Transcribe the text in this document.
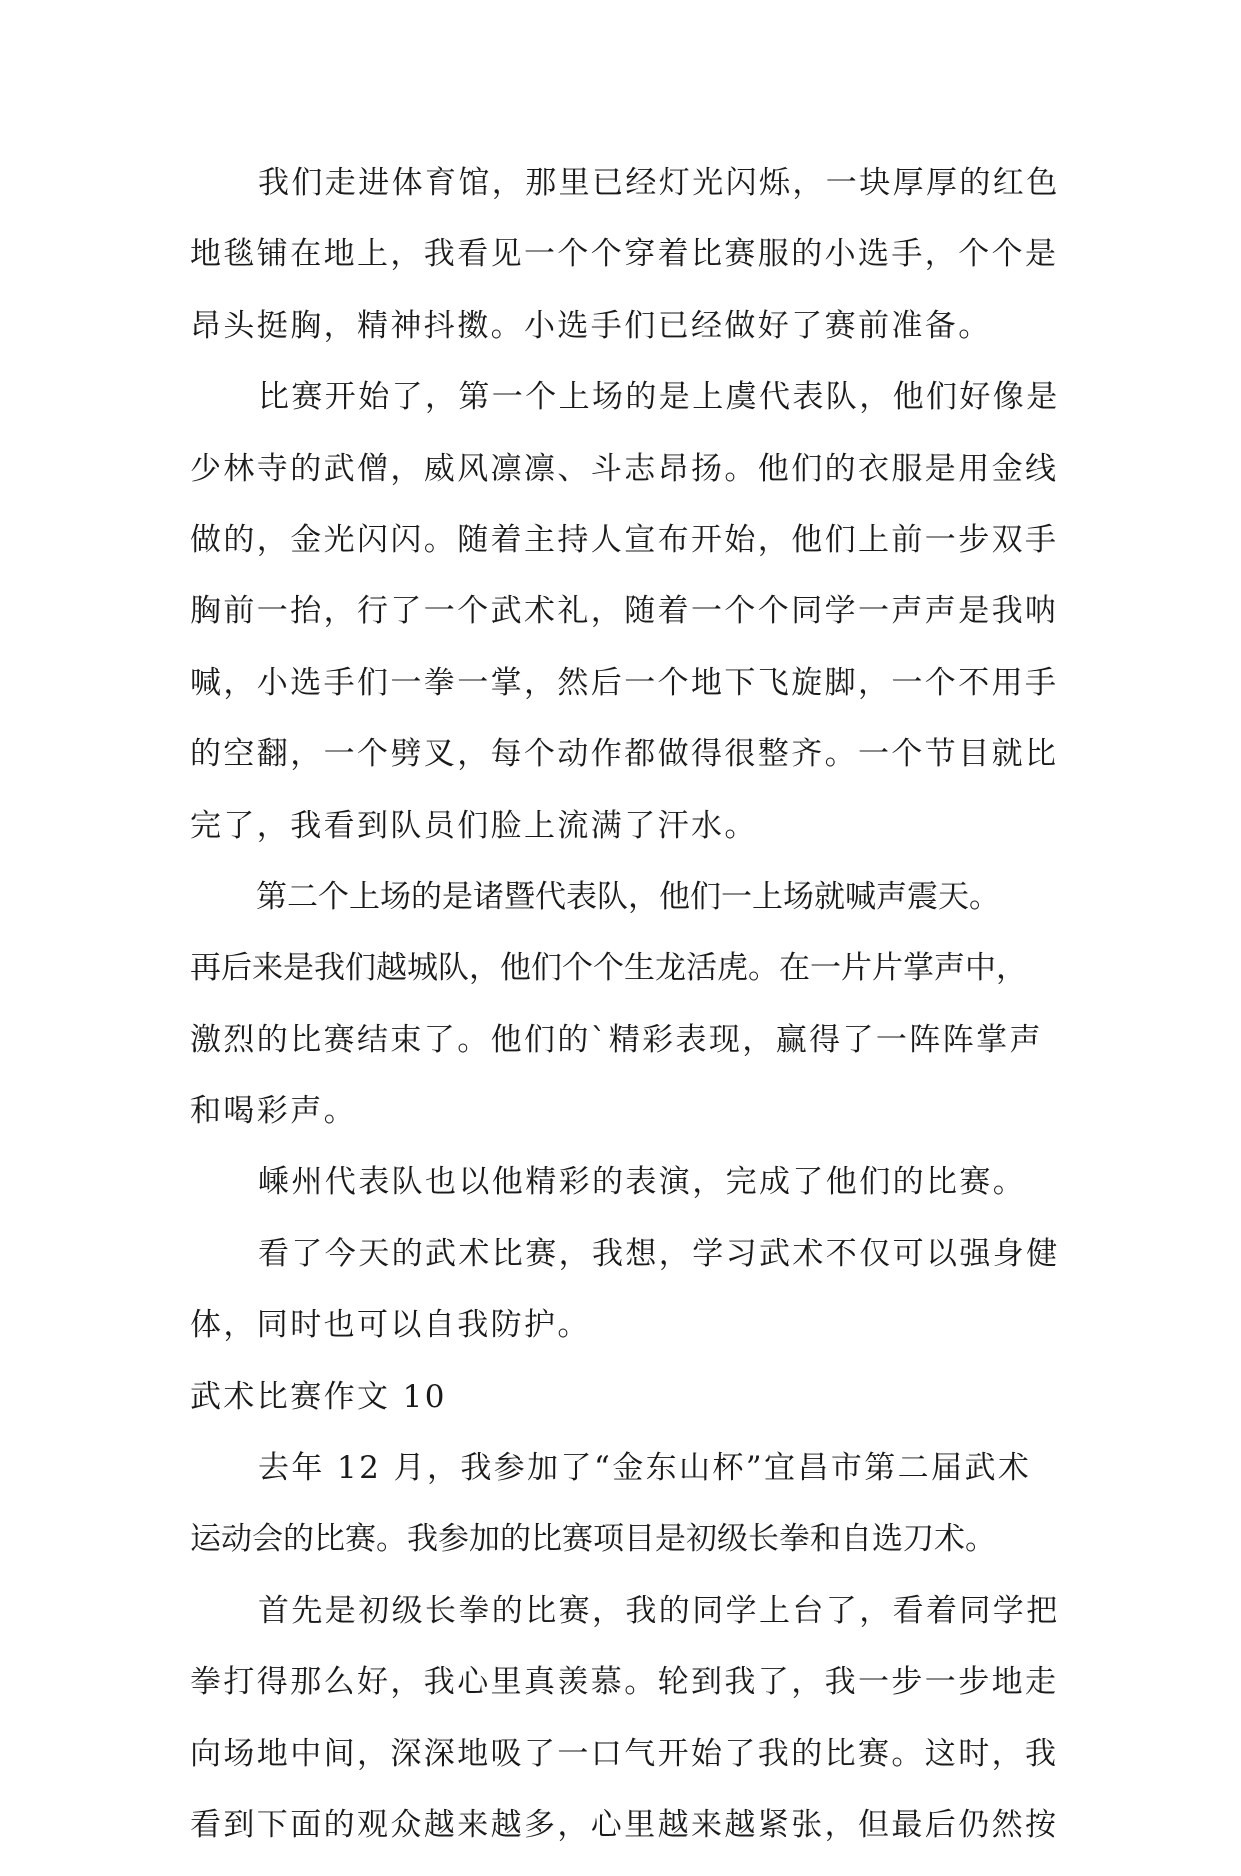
我们走进体育馆，那里已经灯光闪烁，一块厚厚的红色
地毯铺在地上，我看见一个个穿着比赛服的小选手，个个是
昂头挺胸，精神抖擞。小选手们已经做好了赛前准备。
比赛开始了，第一个上场的是上虞代表队，他们好像是
少林寺的武僧，威风凛凛、斗志昂扬。他们的衣服是用金线
做的，金光闪闪。随着主持人宣布开始，他们上前一步双手
胸前一抬，行了一个武术礼，随着一个个同学一声声是我呐
喊，小选手们一拳一掌，然后一个地下飞旋脚，一个不用手
的空翻，一个劈叉，每个动作都做得很整齐。一个节目就比
完了，我看到队员们脸上流满了汗水。
第二个上场的是诸暨代表队，他们一上场就喊声震天。
再后来是我们越城队，他们个个生龙活虎。在一片片掌声中，
激烈的比赛结束了。他们的`精彩表现，赢得了一阵阵掌声
和喝彩声。
嵊州代表队也以他精彩的表演，完成了他们的比赛。
看了今天的武术比赛，我想，学习武术不仅可以强身健
体，同时也可以自我防护。
武术比赛作文 10
去年 12 月，我参加了“金东山杯”宜昌市第二届武术
运动会的比赛。我参加的比赛项目是初级长拳和自选刀术。
首先是初级长拳的比赛，我的同学上台了，看着同学把
拳打得那么好，我心里真羡慕。轮到我了，我一步一步地走
向场地中间，深深地吸了一口气开始了我的比赛。这时，我
看到下面的观众越来越多，心里越来越紧张，但最后仍然按
